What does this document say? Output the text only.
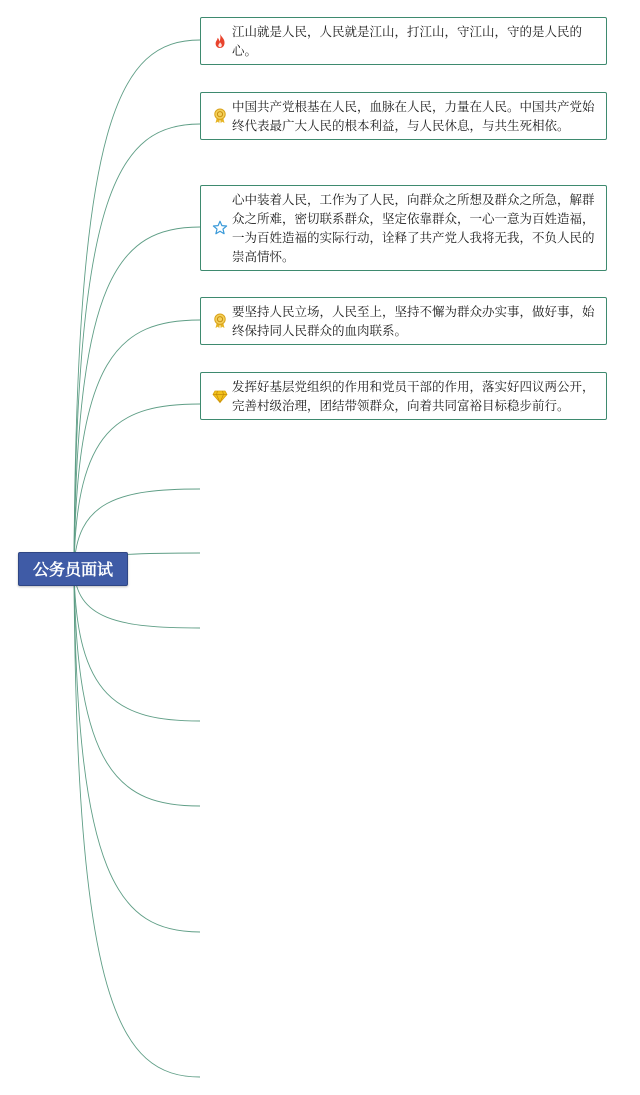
公务员面试
江山就是人民，人民就是江山，打江山，守江山，守的是人民的心。
中国共产党根基在人民，血脉在人民，力量在人民。中国共产党始终代表最广大人民的根本利益，与人民休息，与共生死相依。
心中装着人民，工作为了人民，向群众之所想及群众之所急，解群众之所难，密切联系群众，坚定依靠群众，一心一意为百姓造福，一为百姓造福的实际行动，诠释了共产党人我将无我，不负人民的崇高情怀。
要坚持人民立场，人民至上，坚持不懈为群众办实事，做好事，始终保持同人民群众的血肉联系。
发挥好基层党组织的作用和党员干部的作用，落实好四议两公开，完善村级治理，团结带领群众，向着共同富裕目标稳步前行。
